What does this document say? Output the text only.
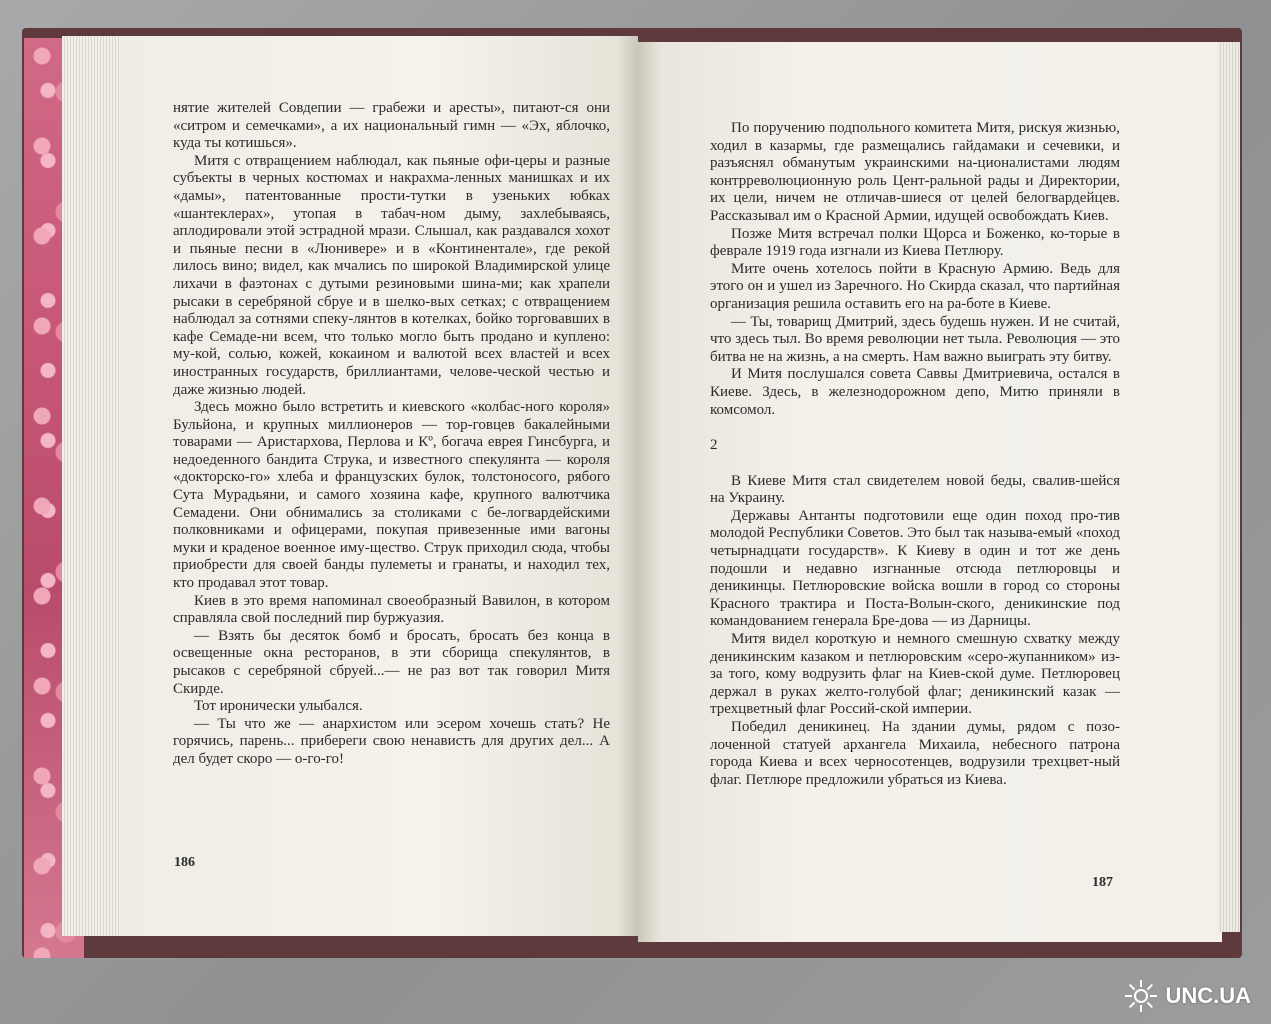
нятие жителей Совдепии — грабежи и аресты», питают-ся они «ситром и семечками», а их национальный гимн — «Эх, яблочко, куда ты котишься».

Митя с отвращением наблюдал, как пьяные офи-церы и разные субъекты в черных костюмах и накрахма-ленных манишках и их «дамы», патентованные прости-тутки в узеньких юбках «шантеклерах», утопая в табач-ном дыму, захлебываясь, аплодировали этой эстрадной мрази. Слышал, как раздавался хохот и пьяные песни в «Люнивере» и в «Континентале», где рекой лилось вино; видел, как мчались по широкой Владимирской улице лихачи в фаэтонах с дутыми резиновыми шина-ми; как храпели рысаки в серебряной сбруе и в шелко-вых сетках; с отвращением наблюдал за сотнями спеку-лянтов в котелках, бойко торговавших в кафе Семаде-ни всем, что только могло быть продано и куплено: му-кой, солью, кожей, кокаином и валютой всех властей и всех иностранных государств, бриллиантами, челове-ческой честью и даже жизнью людей.

Здесь можно было встретить и киевского «колбас-ного короля» Бульйона, и крупных миллионеров — тор-говцев бакалейными товарами — Аристархова, Перлова и Кº, богача еврея Гинсбурга, и недоеденного бандита Струка, и известного спекулянта — короля «докторско-го» хлеба и французских булок, толстоносого, рябого Сута Мурадьяни, и самого хозяина кафе, крупного валютчика Семадени. Они обнимались за столиками с бе-логвардейскими полковниками и офицерами, покупая привезенные ими вагоны муки и краденое военное иму-щество. Струк приходил сюда, чтобы приобрести для своей банды пулеметы и гранаты, и находил тех, кто продавал этот товар.

Киев в это время напоминал своеобразный Вавилон, в котором справляла свой последний пир буржуазия.

— Взять бы десяток бомб и бросать, бросать без конца в освещенные окна ресторанов, в эти сборища спекулянтов, в рысаков с серебряной сбруей...— не раз вот так говорил Митя Скирде.

Тот иронически улыбался.

— Ты что же — анархистом или эсером хочешь стать? Не горячись, парень... прибереги свою ненависть для других дел... А дел будет скоро — о-го-го!

186

По поручению подпольного комитета Митя, рискуя жизнью, ходил в казармы, где размещались гайдамаки и сечевики, и разъяснял обманутым украинскими на-ционалистами людям контрреволюционную роль Цент-ральной рады и Директории, их цели, ничем не отличав-шиеся от целей белогвардейцев. Рассказывал им о Красной Армии, идущей освобождать Киев.

Позже Митя встречал полки Щорса и Боженко, ко-торые в феврале 1919 года изгнали из Киева Петлюру.

Мите очень хотелось пойти в Красную Армию. Ведь для этого он и ушел из Заречного. Но Скирда сказал, что партийная организация решила оставить его на ра-боте в Киеве.

— Ты, товарищ Дмитрий, здесь будешь нужен. И не считай, что здесь тыл. Во время революции нет тыла. Революция — это битва не на жизнь, а на смерть. Нам важно выиграть эту битву.

И Митя послушался совета Саввы Дмитриевича, остался в Киеве. Здесь, в железнодорожном депо, Митю приняли в комсомол.

2

В Киеве Митя стал свидетелем новой беды, свалив-шейся на Украину.

Державы Антанты подготовили еще один поход про-тив молодой Республики Советов. Это был так называ-емый «поход четырнадцати государств». К Киеву в один и тот же день подошли и недавно изгнанные отсюда петлюровцы и деникинцы. Петлюровские войска вошли в город со стороны Красного трактира и Поста-Волын-ского, деникинские под командованием генерала Бре-дова — из Дарницы.

Митя видел короткую и немного смешную схватку между деникинским казаком и петлюровским «серо-жупанником» из-за того, кому водрузить флаг на Киев-ской думе. Петлюровец держал в руках желто-голубой флаг; деникинский казак — трехцветный флаг Россий-ской империи.

Победил деникинец. На здании думы, рядом с позо-лоченной статуей архангела Михаила, небесного патрона города Киева и всех черносотенцев, водрузили трехцвет-ный флаг. Петлюре предложили убраться из Киева.

187
UNC.UA
